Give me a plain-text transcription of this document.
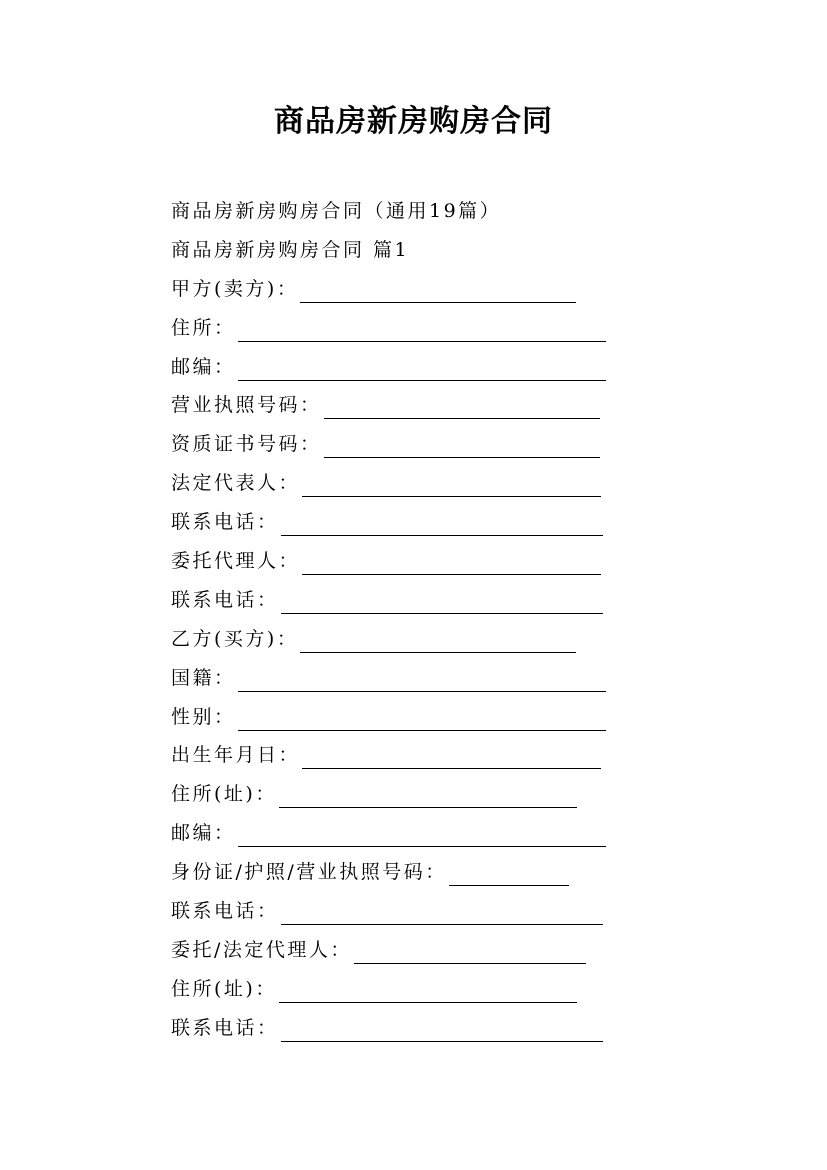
商品房新房购房合同
商品房新房购房合同（通用19篇）
商品房新房购房合同 篇1
甲方(卖方)：
住所：
邮编：
营业执照号码：
资质证书号码：
法定代表人：
联系电话：
委托代理人：
联系电话：
乙方(买方)：
国籍：
性别：
出生年月日：
住所(址)：
邮编：
身份证/护照/营业执照号码：
联系电话：
委托/法定代理人：
住所(址)：
联系电话：
